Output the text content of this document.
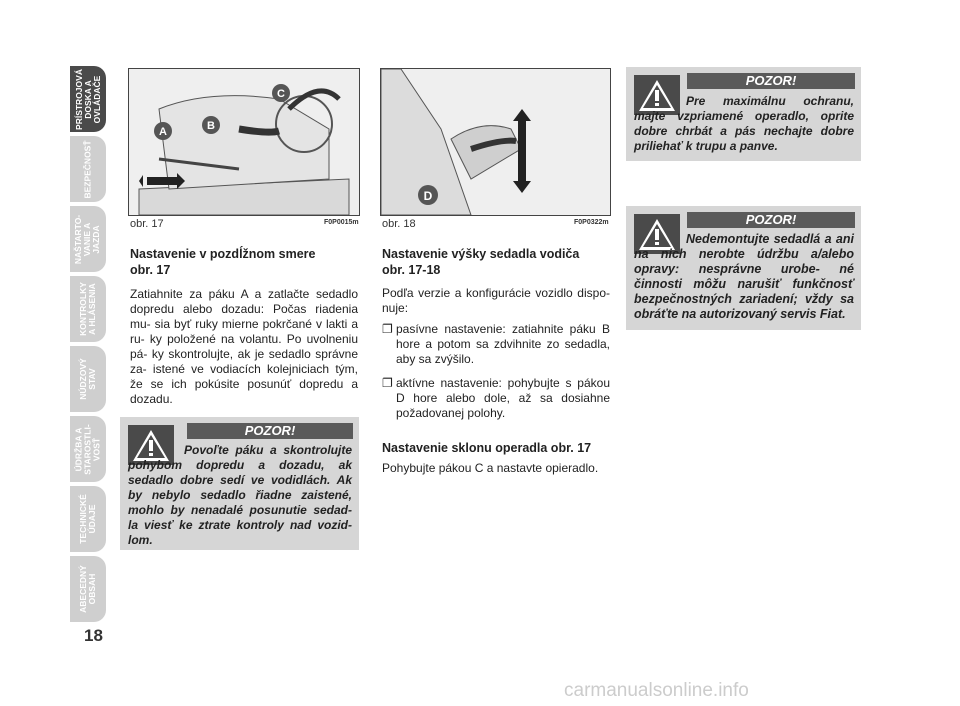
PRÍSTROJOVÁ
DOSKA A
OVLÁDAČE
BEZPEČNOSŤ
NAŠTARTO-
VANIE A
JAZDA
KONTROLKY
A HLÁSENIA
NÚDZOVÝ
STAV
ÚDRŽBA A
STAROSTLI-
VOSŤ
TECHNICKÉ
ÚDAJE
ABECEDNÝ
OBSAH
18
A	B
C
obr. 17	F0P0015m
D
obr. 18	F0P0322m
Nastavenie v pozdĺžnom smere
obr. 17
Zatiahnite za páku A a zatlačte sedadlo dopredu alebo dozadu: Počas riadenia mu- sia byť ruky mierne pokrčané v lakti a ru- ky položené na volantu. Po uvolneniu pá- ky skontrolujte, ak je sedadlo správne za- istené ve vodiacích kolejniciach tým, že se ich pokúsite posunúť dopredu a dozadu.
POZOR!
Povoľte páku a skontrolujte pohybom dopredu a dozadu, ak sedadlo dobre sedí ve vodidlách. Ak by nebylo sedadlo řiadne zaistené, mohlo by nenadalé posunutie sedad- la viesť ke ztrate kontroly nad vozid- lom.
Nastavenie výšky sedadla vodiča
obr. 17-18
Podľa verzie a konfigurácie vozidlo dispo- nuje:
❐ pasívne nastavenie: zatiahnite páku B hore a potom sa zdvihnite zo sedadla, aby sa zvýšilo.
❐ aktívne nastavenie: pohybujte s pákou D hore alebo dole, až sa dosiahne požadovanej polohy.
Nastavenie sklonu operadla obr. 17
Pohybujte pákou C a nastavte opieradlo.
POZOR!
Pre maximálnu ochranu, majte vzpriamené operadlo, oprite dobre chrbát a pás nechajte dobre priliehať k trupu a panve.
POZOR!
Nedemontujte sedadlá a ani na nich nerobte údržbu a/alebo opravy: nesprávne urobe- né činnosti môžu narušiť funkčnosť bezpečnostných zariadení; vždy sa obráťte na autorizovaný servis Fiat.
carmanualsonline.info
